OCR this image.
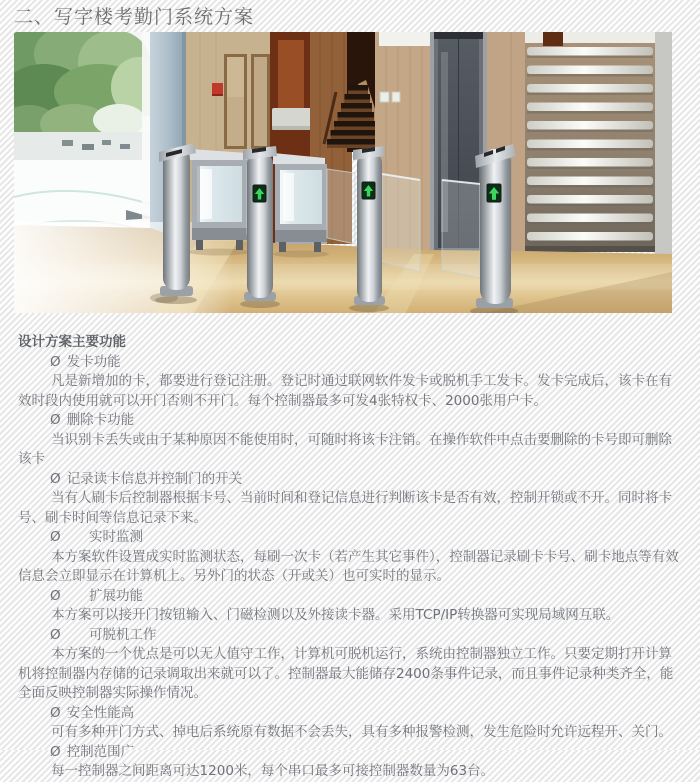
二、写字楼考勤门系统方案

设计方案主要功能

Ø 发卡功能

凡是新增加的卡，都要进行登记注册。登记时通过联网软件发卡或脱机手工发卡。发卡完成后，该卡在有效时段内使用就可以开门否则不开门。每个控制器最多可发4张特权卡、2000张用户卡。

Ø 删除卡功能

当识别卡丢失或由于某种原因不能使用时，可随时将该卡注销。在操作软件中点击要删除的卡号即可删除该卡

Ø 记录读卡信息并控制门的开关

当有人刷卡后控制器根据卡号、当前时间和登记信息进行判断该卡是否有效，控制开锁或不开。同时将卡号、刷卡时间等信息记录下来。

Ø 实时监测

本方案软件设置成实时监测状态，每刷一次卡（若产生其它事件），控制器记录刷卡卡号、刷卡地点等有效信息会立即显示在计算机上。另外门的状态（开或关）也可实时的显示。

Ø 扩展功能

本方案可以接开门按钮输入、门磁检测以及外接读卡器。采用TCP/IP转换器可实现局域网互联。

Ø 可脱机工作

本方案的一个优点是可以无人值守工作，计算机可脱机运行，系统由控制器独立工作。只要定期打开计算机将控制器内存储的记录调取出来就可以了。控制器最大能储存2400条事件记录，而且事件记录种类齐全，能全面反映控制器实际操作情况。

Ø 安全性能高

可有多种开门方式、掉电后系统原有数据不会丢失，具有多种报警检测，发生危险时允许远程开、关门。

Ø 控制范围广

每一控制器之间距离可达1200米，每个串口最多可接控制器数量为63台。
